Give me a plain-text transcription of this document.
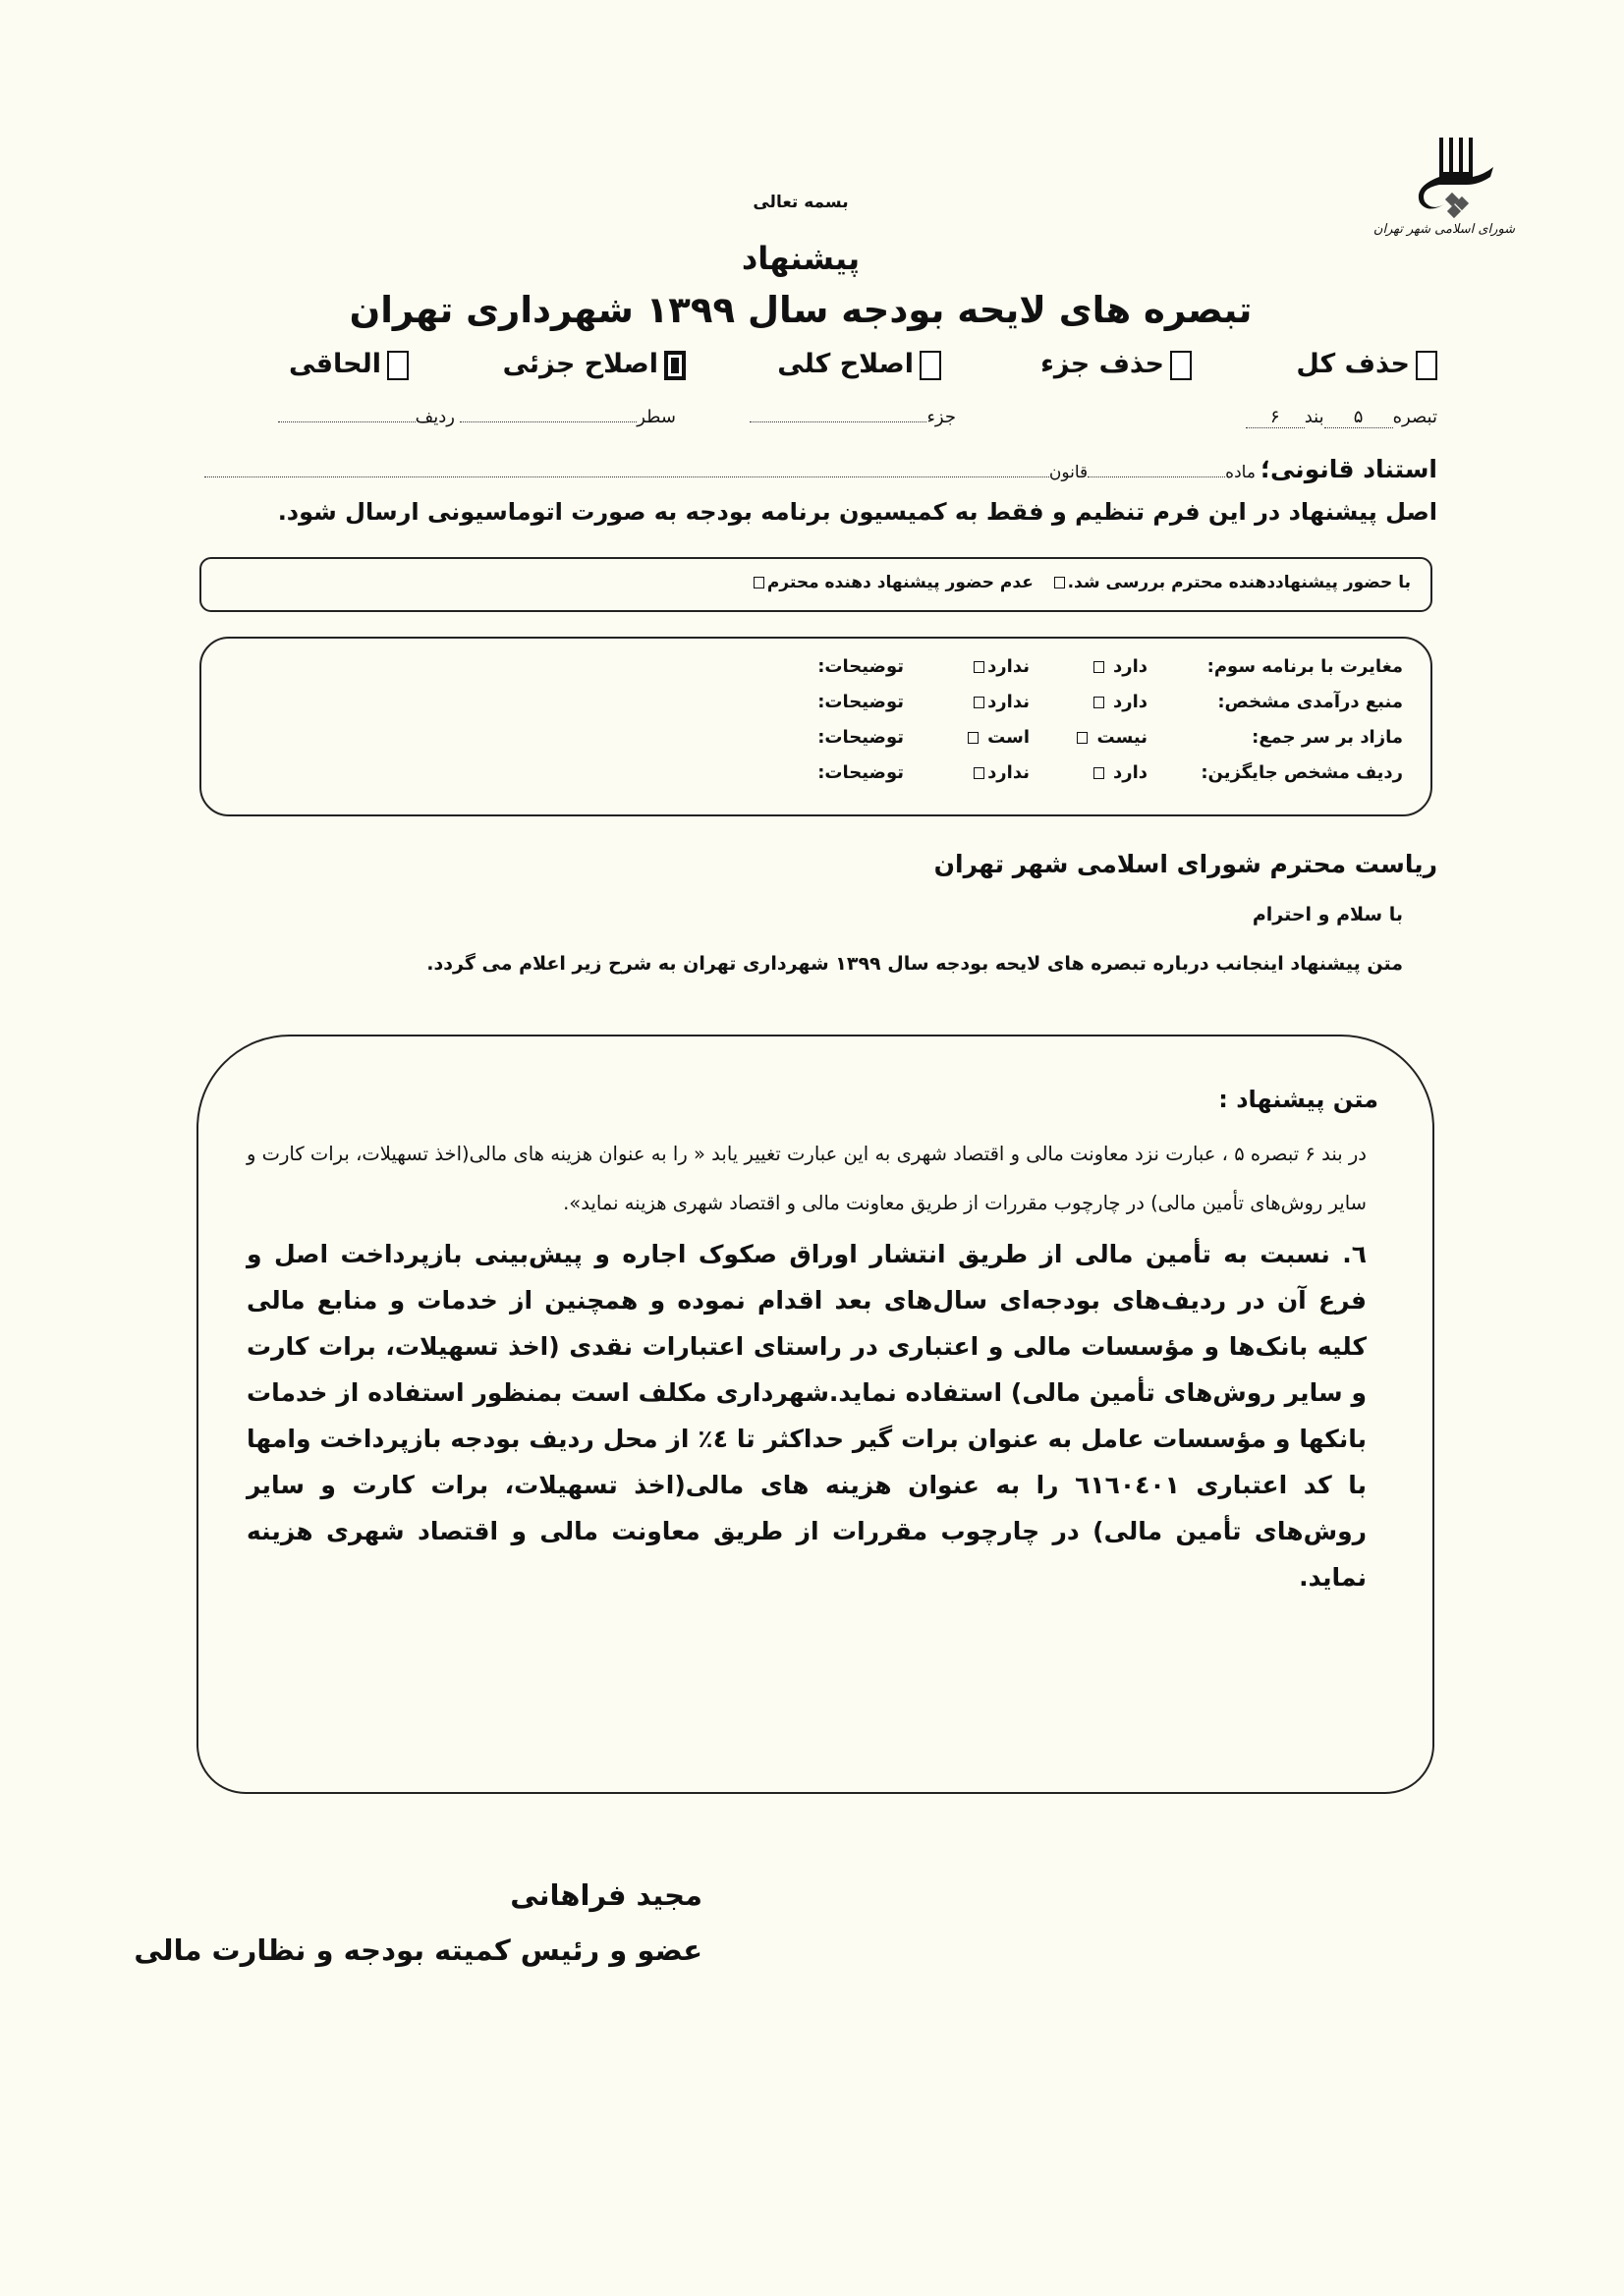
شورای اسلامی شهر تهران
بسمه تعالی
پیشنهاد
تبصره های لایحه بودجه سال ۱۳۹۹ شهرداری تهران
حذف کل
حذف جزء
اصلاح کلی
اصلاح جزئی
الحاقی
تبصره۵بند۶
جزء
سطر
ردیف
استناد قانونی؛ مادهقانون
اصل پیشنهاد در این فرم تنظیم و فقط به کمیسیون برنامه بودجه به صورت اتوماسیونی ارسال شود.
با حضور پیشنهاددهنده محترم بررسی شد.   عدم حضور پیشنهاد دهنده محترم
مغایرت با برنامه سوم:
دارد
ندارد
توضیحات:
منبع درآمدی مشخص:
دارد
ندارد
توضیحات:
مازاد بر سر جمع:
نیست
است
توضیحات:
ردیف مشخص جایگزین:
دارد
ندارد
توضیحات:
ریاست محترم شورای اسلامی شهر تهران
با سلام و احترام
متن پیشنهاد اینجانب درباره تبصره های لایحه بودجه سال ۱۳۹۹ شهرداری تهران به شرح زیر اعلام می گردد.
متن پیشنهاد :
در بند ۶ تبصره ۵ ، عبارت نزد معاونت مالی و اقتصاد شهری به این عبارت تغییر یابد « را به عنوان هزینه های مالی(اخذ تسهیلات، برات کارت و سایر روش‌های تأمین مالی) در چارچوب مقررات از طریق معاونت مالی و اقتصاد شهری هزینه نماید».
٦. نسبت به تأمین مالی از طریق انتشار اوراق صکوک اجاره و پیش‌بینی بازپرداخت اصل و فرع آن در ردیف‌های بودجه‌ای سال‌های بعد اقدام نموده و همچنین از خدمات و منابع مالی کلیه بانک‌ها و مؤسسات مالی و اعتباری در راستای اعتبارات نقدی (اخذ تسهیلات، برات کارت و سایر روش‌های تأمین مالی) استفاده نماید.شهرداری مکلف است بمنظور استفاده از خدمات بانکها و مؤسسات عامل به عنوان برات گیر حداکثر تا ٤٪ از محل ردیف بودجه بازپرداخت وامها با کد اعتباری ٦١٦٠٤٠١ را به عنوان هزینه های مالی(اخذ تسهیلات، برات کارت و سایر روش‌های تأمین مالی) در چارچوب مقررات از طریق معاونت مالی و اقتصاد شهری هزینه نماید.
مجید فراهانی
عضو و رئیس کمیته بودجه و نظارت مالی
